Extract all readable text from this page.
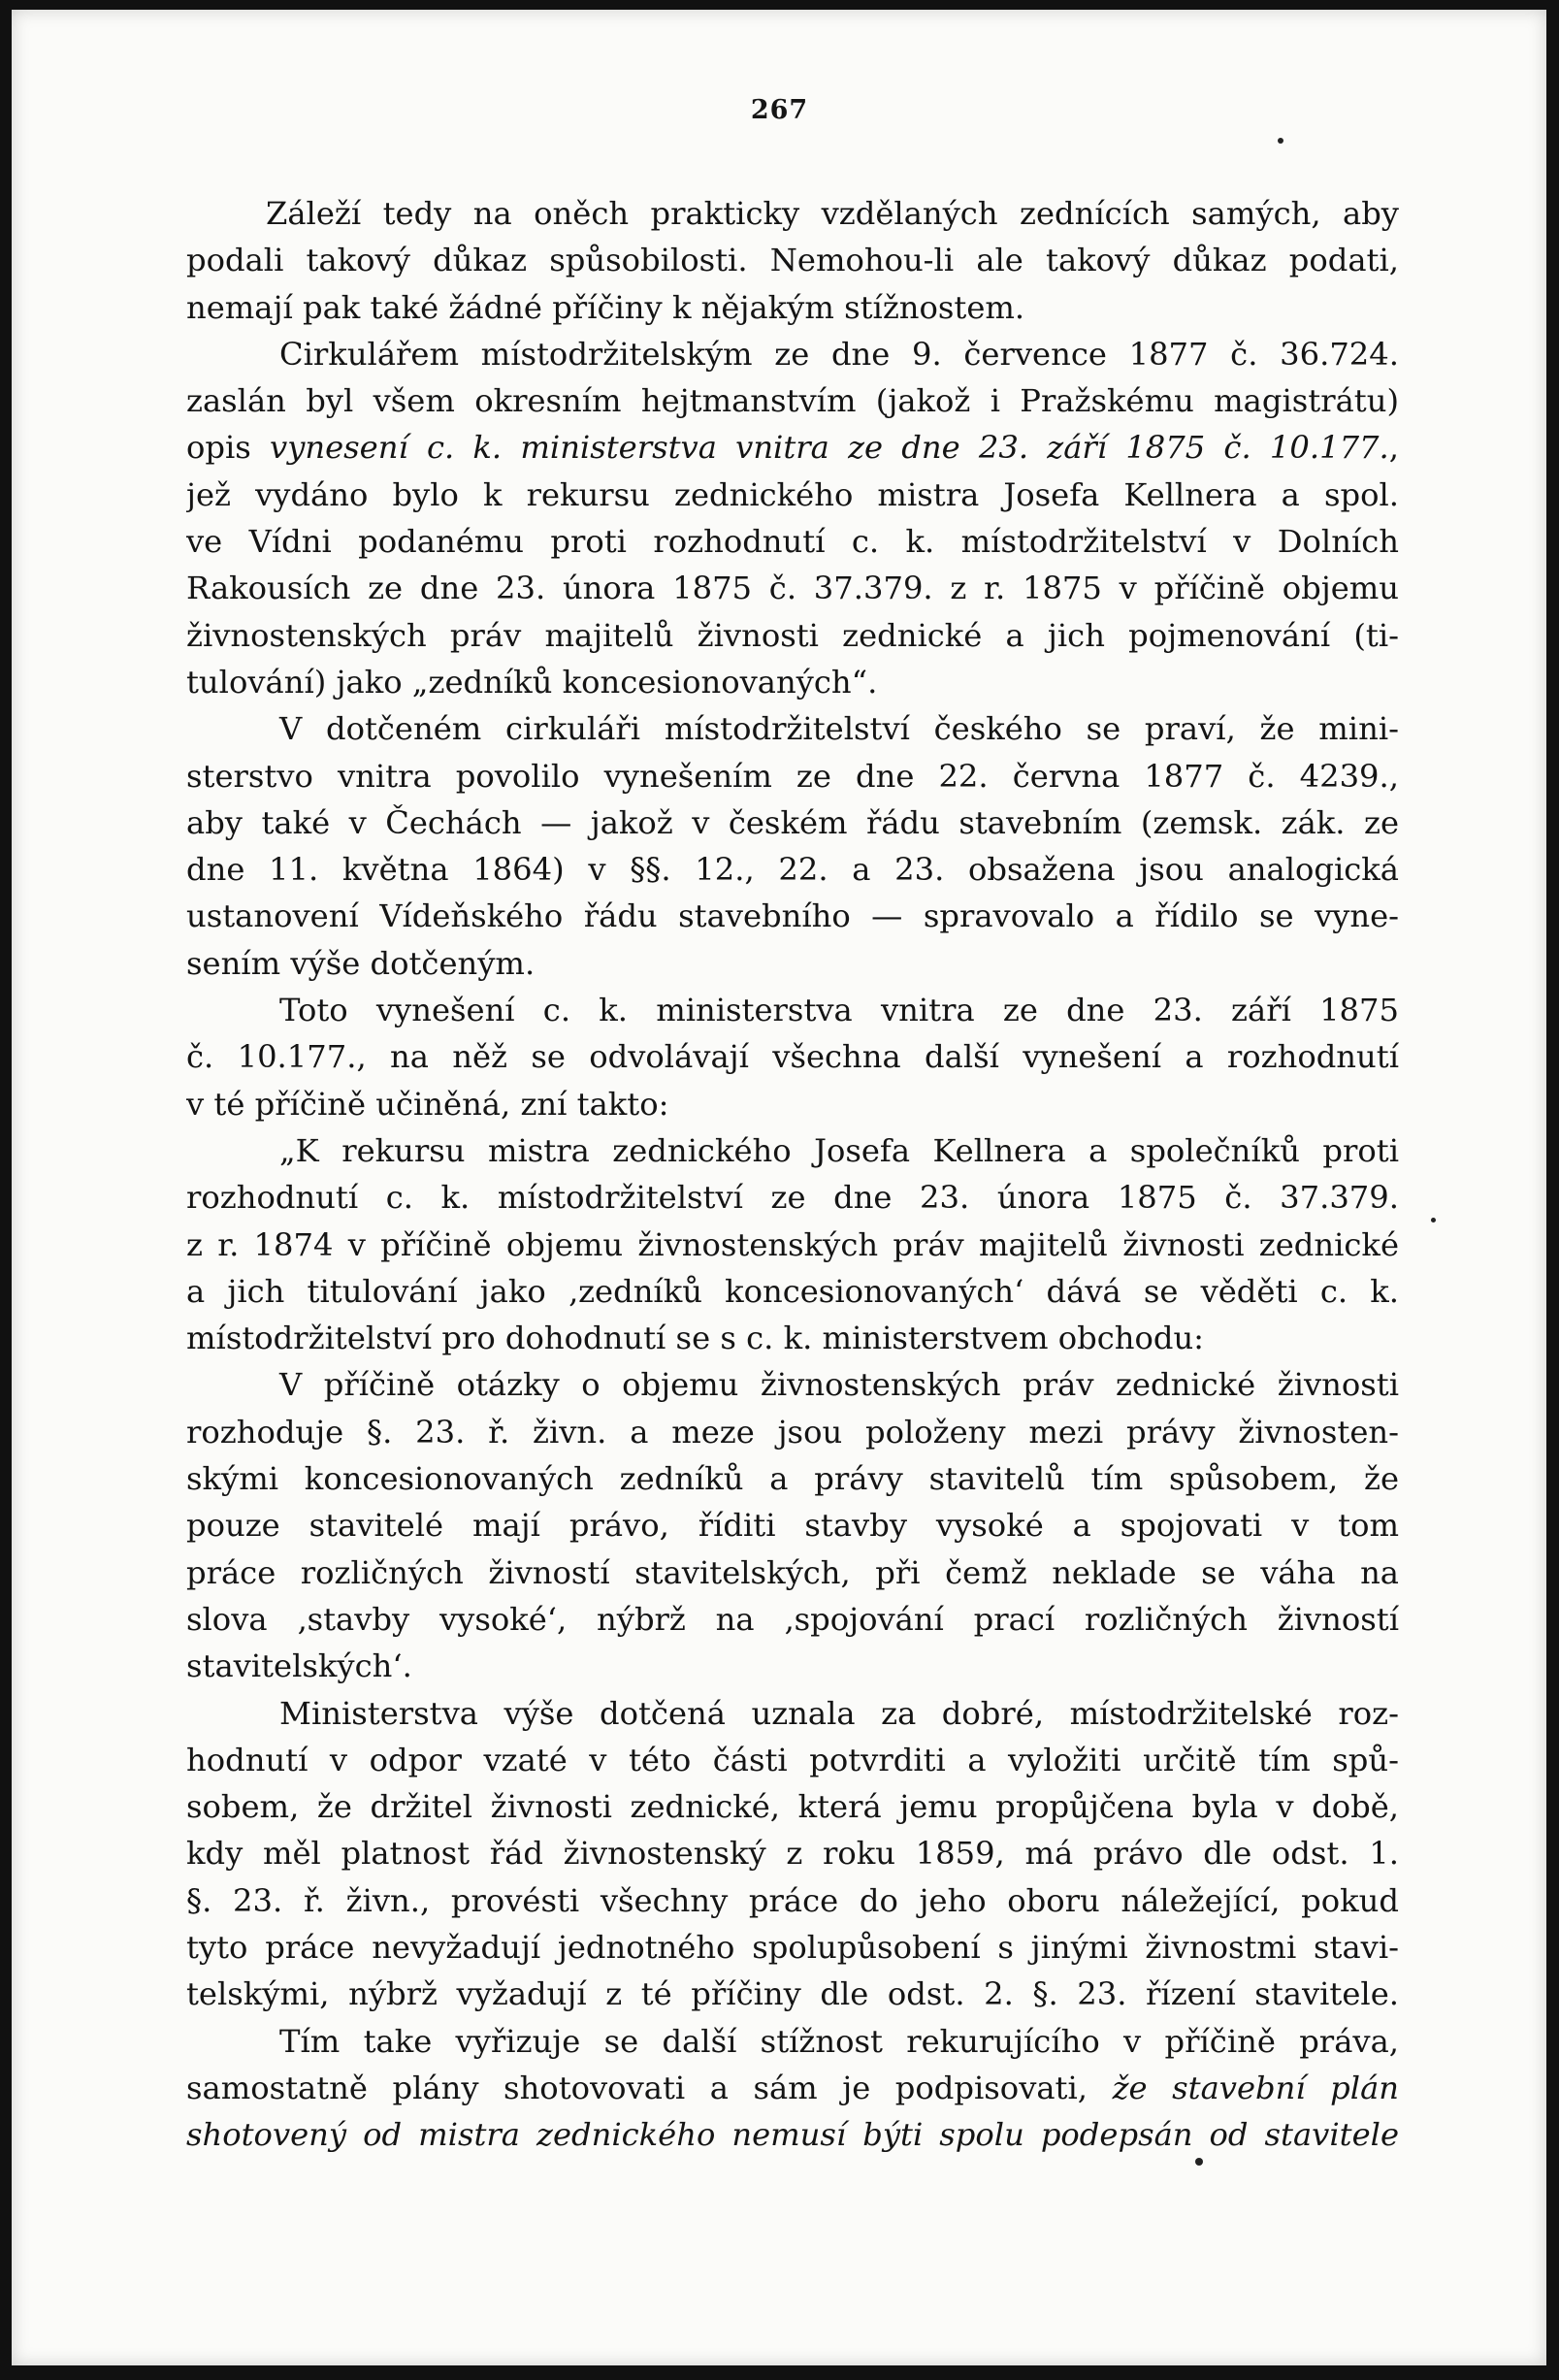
267
Záleží tedy na oněch prakticky vzdělaných zednících samých, aby
podali takový důkaz spůsobilosti. Nemohou-li ale takový důkaz podati,
nemají pak také žádné příčiny k nějakým stížnostem.
Cirkulářem místodržitelským ze dne 9. července 1877 č. 36.724.
zaslán byl všem okresním hejtmanstvím (jakož i Pražskému magistrátu)
opis vynesení c. k. ministerstva vnitra ze dne 23. září 1875 č. 10.177.,
jež vydáno bylo k rekursu zednického mistra Josefa Kellnera a spol.
ve Vídni podanému proti rozhodnutí c. k. místodržitelství v Dolních
Rakousích ze dne 23. února 1875 č. 37.379. z r. 1875 v příčině objemu
živnostenských práv majitelů živnosti zednické a jich pojmenování (ti-
tulování) jako „zedníků koncesionovaných“.
V dotčeném cirkuláři místodržitelství českého se praví, že mini-
sterstvo vnitra povolilo vynešením ze dne 22. června 1877 č. 4239.,
aby také v Čechách — jakož v českém řádu stavebním (zemsk. zák. ze
dne 11. května 1864) v §§. 12., 22. a 23. obsažena jsou analogická
ustanovení Vídeňského řádu stavebního — spravovalo a řídilo se vyne-
sením výše dotčeným.
Toto vynešení c. k. ministerstva vnitra ze dne 23. září 1875
č. 10.177., na něž se odvolávají všechna další vynešení a rozhodnutí
v té příčině učiněná, zní takto:
„K rekursu mistra zednického Josefa Kellnera a společníků proti
rozhodnutí c. k. místodržitelství ze dne 23. února 1875 č. 37.379.
z r. 1874 v příčině objemu živnostenských práv majitelů živnosti zednické
a jich titulování jako ‚zedníků koncesionovaných‘ dává se věděti c. k.
místodržitelství pro dohodnutí se s c. k. ministerstvem obchodu:
V příčině otázky o objemu živnostenských práv zednické živnosti
rozhoduje §. 23. ř. živn. a meze jsou položeny mezi právy živnosten-
skými koncesionovaných zedníků a právy stavitelů tím spůsobem, že
pouze stavitelé mají právo, říditi stavby vysoké a spojovati v tom
práce rozličných živností stavitelských, při čemž neklade se váha na
slova ‚stavby vysoké‘, nýbrž na ‚spojování prací rozličných živností
stavitelských‘.
Ministerstva výše dotčená uznala za dobré, místodržitelské roz-
hodnutí v odpor vzaté v této části potvrditi a vyložiti určitě tím spů-
sobem, že držitel živnosti zednické, která jemu propůjčena byla v době,
kdy měl platnost řád živnostenský z roku 1859, má právo dle odst. 1.
§. 23. ř. živn., provésti všechny práce do jeho oboru náležející, pokud
tyto práce nevyžadují jednotného spolupůsobení s jinými živnostmi stavi-
telskými, nýbrž vyžadují z té příčiny dle odst. 2. §. 23. řízení stavitele.
Tím take vyřizuje se další stížnost rekurujícího v příčině práva,
samostatně plány shotovovati a sám je podpisovati, že stavební plán
shotovený od mistra zednického nemusí býti spolu podepsán od stavitele
